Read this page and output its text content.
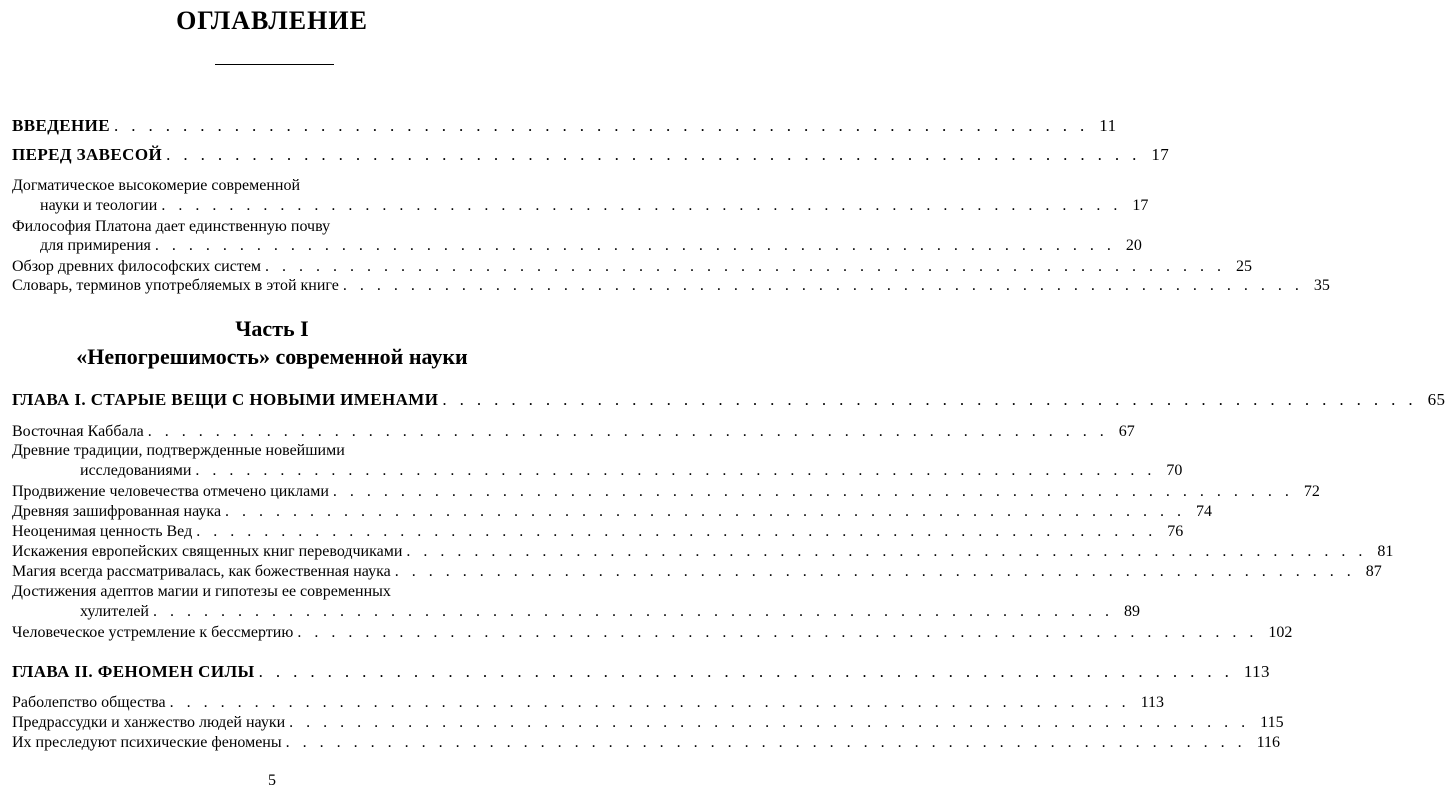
ОГЛАВЛЕНИЕ
ВВЕДЕНИЕ ......................................................... 11
ПЕРЕД ЗАВЕСОЙ ......................................................... 17
Догматическое высокомерие современной
науки и теологии ......................................................... 17
Философия Платона дает единственную почву
для примирения ......................................................... 20
Обзор древних философских систем ......................................................... 25
Словарь, терминов употребляемых в этой книге ......................................................... 35
Часть I
«Непогрешимость» современной науки
ГЛАВА I. СТАРЫЕ ВЕЩИ С НОВЫМИ ИМЕНАМИ ......................................................... 65
Восточная Каббала ......................................................... 67
Древние традиции, подтвержденные новейшими
исследованиями ......................................................... 70
Продвижение человечества отмечено циклами ......................................................... 72
Древняя зашифрованная наука ......................................................... 74
Неоценимая ценность Вед ......................................................... 76
Искажения европейских священных книг переводчиками ......................................................... 81
Магия всегда рассматривалась, как божественная наука ......................................................... 87
Достижения адептов магии и гипотезы ее современных
хулителей ......................................................... 89
Человеческое устремление к бессмертию ......................................................... 102
ГЛАВА II. ФЕНОМЕН СИЛЫ ......................................................... 113
Раболепство общества ......................................................... 113
Предрассудки и ханжество людей науки ......................................................... 115
Их преследуют психические феномены ......................................................... 116
5
